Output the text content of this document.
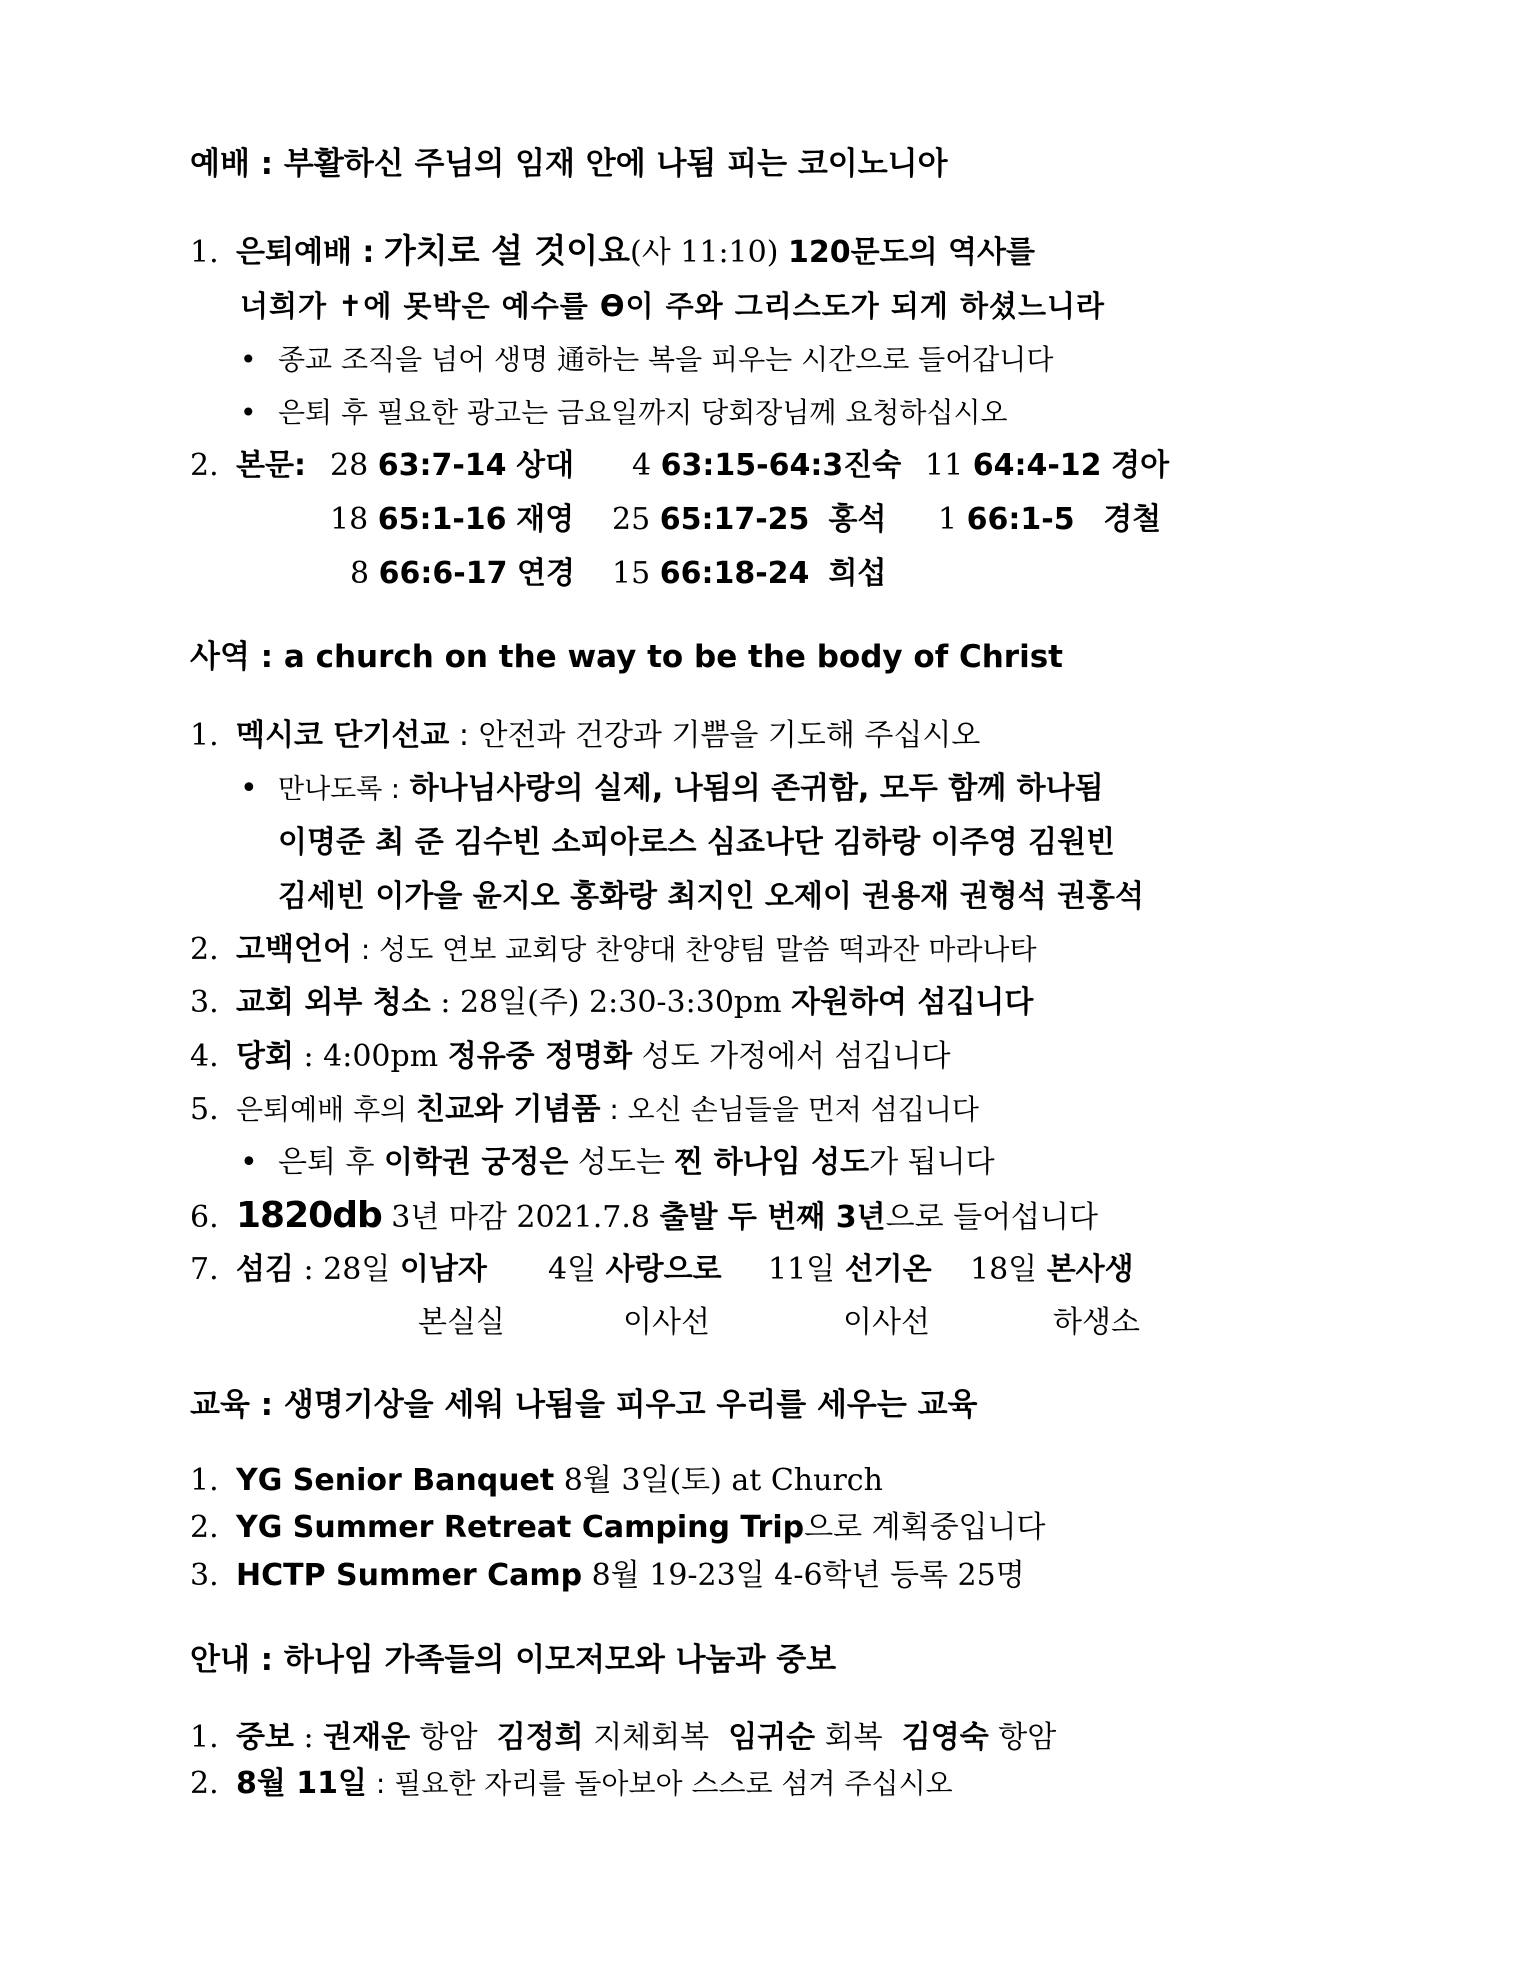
예배 : 부활하신 주님의 임재 안에 나됨 피는 코이노니아
1. 은퇴예배 : 가치로 설 것이요(사 11:10) 120문도의 역사를
너희가 ✝에 못박은 예수를 ϴ이 주와 그리스도가 되게 하셨느니라
• 종교 조직을 넘어 생명 通하는 복을 피우는 시간으로 들어갑니다
• 은퇴 후 필요한 광고는 금요일까지 당회장님께 요청하십시오
2. 본문: 28 63:7-14 상대 4 63:15-64:3진숙 11 64:4-12 경아
18 65:1-16 재영 25 65:17-25 홍석 1 66:1-5 경철
8 66:6-17 연경 15 66:18-24 희섭
사역 : a church on the way to be the body of Christ
1. 멕시코 단기선교 : 안전과 건강과 기쁨을 기도해 주십시오
• 만나도록 : 하나님사랑의 실제, 나됨의 존귀함, 모두 함께 하나됨
이명준 최 준 김수빈 소피아로스 심죠나단 김하랑 이주영 김원빈
김세빈 이가을 윤지오 홍화랑 최지인 오제이 권용재 권형석 권홍석
2. 고백언어 : 성도 연보 교회당 찬양대 찬양팀 말씀 떡과잔 마라나타
3. 교회 외부 청소 : 28일(주) 2:30-3:30pm 자원하여 섬깁니다
4. 당회 : 4:00pm 정유중 정명화 성도 가정에서 섬깁니다
5. 은퇴예배 후의 친교와 기념품 : 오신 손님들을 먼저 섬깁니다
• 은퇴 후 이학권 궁정은 성도는 찐 하나임 성도가 됩니다
6. 1820db 3년 마감 2021.7.8 출발 두 번째 3년으로 들어섭니다
7. 섬김 : 28일 이남자 4일 사랑으로 11일 선기온 18일 본사생
본실실	이사선	이사선	하생소
교육 : 생명기상을 세워 나됨을 피우고 우리를 세우는 교육
1. YG Senior Banquet 8월 3일(토) at Church
2. YG Summer Retreat Camping Trip으로 계획중입니다
3. HCTP Summer Camp 8월 19-23일 4-6학년 등록 25명
안내 : 하나임 가족들의 이모저모와 나눔과 중보
1. 중보 : 권재운 항암 김정희 지체회복 임귀순 회복 김영숙 항암
2. 8월 11일 : 필요한 자리를 돌아보아 스스로 섬겨 주십시오
